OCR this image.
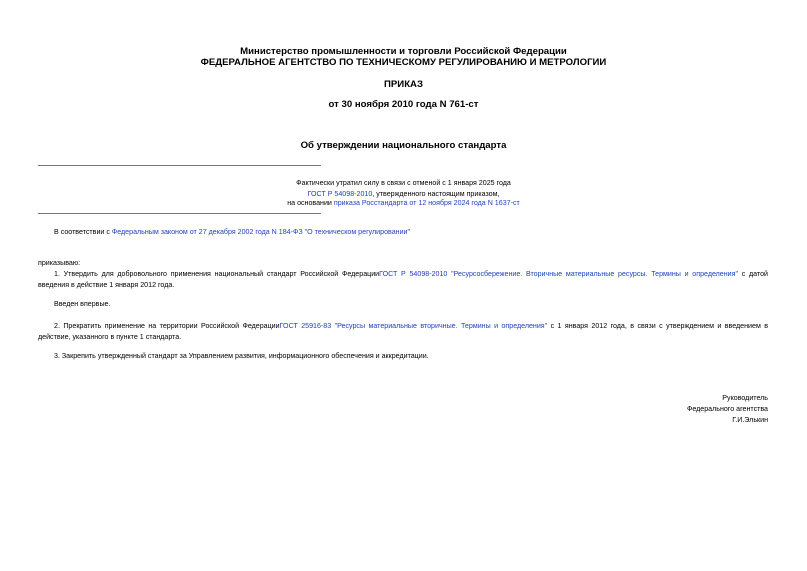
Министерство промышленности и торговли Российской Федерации
ФЕДЕРАЛЬНОЕ АГЕНТСТВО ПО ТЕХНИЧЕСКОМУ РЕГУЛИРОВАНИЮ И МЕТРОЛОГИИ
ПРИКАЗ
от 30 ноября 2010 года N 761-ст
Об утверждении национального стандарта
Фактически утратил силу в связи с отменой с 1 января 2025 года
ГОСТ Р 54098-2010, утвержденного настоящим приказом,
на основании приказа Росстандарта от 12 ноября 2024 года N 1637-ст
В соответствии с Федеральным законом от 27 декабря 2002 года N 184-ФЗ "О техническом регулировании"
приказываю:
1. Утвердить для добровольного применения национальный стандарт Российской ФедерацииГОСТ Р 54098-2010 "Ресурсосбережение. Вторичные материальные ресурсы. Термины и определения" с датой
введения в действие 1 января 2012 года.
Введен впервые.
2. Прекратить применение на территории Российской ФедерацииГОСТ 25916-83 "Ресурсы материальные вторичные. Термины и определения" с 1 января 2012 года, в связи с утверждением и введением в
действие, указанного в пункте 1 стандарта.
3. Закрепить утвержденный стандарт за Управлением развития, информационного обеспечения и аккредитации.
Руководитель
Федерального агентства
Г.И.Элькин
